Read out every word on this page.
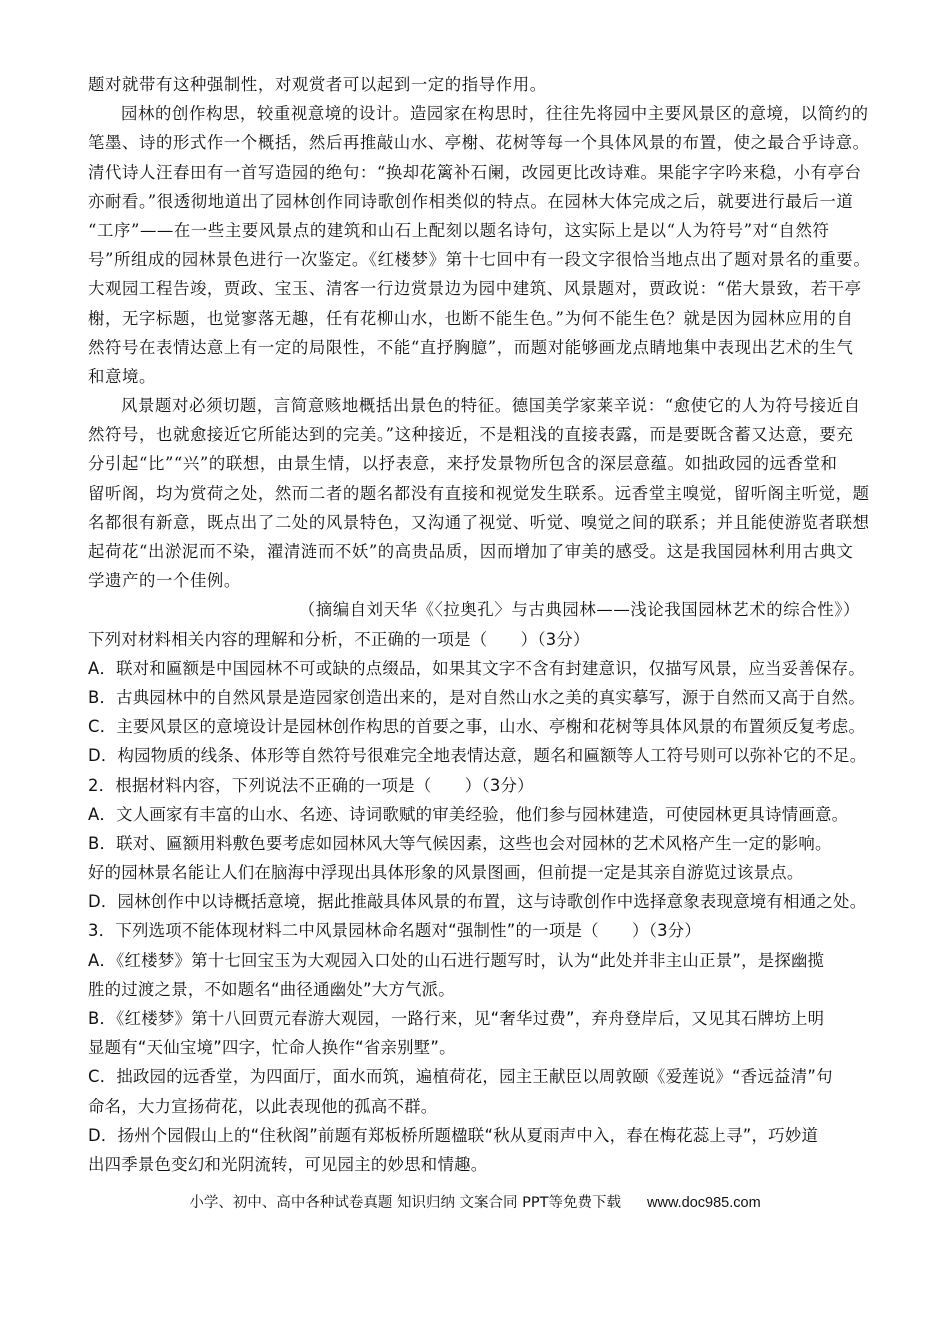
题对就带有这种强制性，对观赏者可以起到一定的指导作用。
园林的创作构思，较重视意境的设计。造园家在构思时，往往先将园中主要风景区的意境，以简约的
笔墨、诗的形式作一个概括，然后再推敲山水、亭榭、花树等每一个具体风景的布置，使之最合乎诗意。
清代诗人汪春田有一首写造园的绝句：“换却花篱补石阑，改园更比改诗难。果能字字吟来稳，小有亭台
亦耐看。”很透彻地道出了园林创作同诗歌创作相类似的特点。在园林大体完成之后，就要进行最后一道
“工序”——在一些主要风景点的建筑和山石上配刻以题名诗句，这实际上是以“人为符号”对“自然符
号”所组成的园林景色进行一次鉴定。《红楼梦》第十七回中有一段文字很恰当地点出了题对景名的重要。
大观园工程告竣，贾政、宝玉、清客一行边赏景边为园中建筑、风景题对，贾政说：“偌大景致，若干亭
榭，无字标题，也觉寥落无趣，任有花柳山水，也断不能生色。”为何不能生色？就是因为园林应用的自
然符号在表情达意上有一定的局限性，不能“直抒胸臆”，而题对能够画龙点睛地集中表现出艺术的生气
和意境。
风景题对必须切题，言简意赅地概括出景色的特征。德国美学家莱辛说：“愈使它的人为符号接近自
然符号，也就愈接近它所能达到的完美。”这种接近，不是粗浅的直接表露，而是要既含蓄又达意，要充
分引起“比”“兴”的联想，由景生情，以抒表意，来抒发景物所包含的深层意蕴。如拙政园的远香堂和
留听阁，均为赏荷之处，然而二者的题名都没有直接和视觉发生联系。远香堂主嗅觉，留听阁主听觉，题
名都很有新意，既点出了二处的风景特色，又沟通了视觉、听觉、嗅觉之间的联系；并且能使游览者联想
起荷花“出淤泥而不染，濯清涟而不妖”的高贵品质，因而增加了审美的感受。这是我国园林利用古典文
学遗产的一个佳例。
（摘编自刘天华《〈拉奥孔〉与古典园林——浅论我国园林艺术的综合性》）
下列对材料相关内容的理解和分析，不正确的一项是（　　）（3分）
A．联对和匾额是中国园林不可或缺的点缀品，如果其文字不含有封建意识，仅描写风景，应当妥善保存。
B．古典园林中的自然风景是造园家创造出来的，是对自然山水之美的真实摹写，源于自然而又高于自然。
C．主要风景区的意境设计是园林创作构思的首要之事，山水、亭榭和花树等具体风景的布置须反复考虑。
D．构园物质的线条、体形等自然符号很难完全地表情达意，题名和匾额等人工符号则可以弥补它的不足。
2．根据材料内容，下列说法不正确的一项是（　　）（3分）
A．文人画家有丰富的山水、名迹、诗词歌赋的审美经验，他们参与园林建造，可使园林更具诗情画意。
B．联对、匾额用料敷色要考虑如园林风大等气候因素，这些也会对园林的艺术风格产生一定的影响。
好的园林景名能让人们在脑海中浮现出具体形象的风景图画，但前提一定是其亲自游览过该景点。
D．园林创作中以诗概括意境，据此推敲具体风景的布置，这与诗歌创作中选择意象表现意境有相通之处。
3．下列选项不能体现材料二中风景园林命名题对“强制性”的一项是（　　）（3分）
A．《红楼梦》第十七回宝玉为大观园入口处的山石进行题写时，认为“此处并非主山正景”，是探幽揽
胜的过渡之景，不如题名“曲径通幽处”大方气派。
B．《红楼梦》第十八回贾元春游大观园，一路行来，见“奢华过费”，弃舟登岸后，又见其石牌坊上明
显题有“天仙宝境”四字，忙命人换作“省亲别墅”。
C．拙政园的远香堂，为四面厅，面水而筑，遍植荷花，园主王献臣以周敦颐《爱莲说》“香远益清”句
命名，大力宣扬荷花，以此表现他的孤高不群。
D．扬州个园假山上的“住秋阁”前题有郑板桥所题楹联“秋从夏雨声中入，春在梅花蕊上寻”，巧妙道
出四季景色变幻和光阴流转，可见园主的妙思和情趣。
小学、初中、高中各种试卷真题 知识归纳 文案合同 PPT等免费下载 www.doc985.com
